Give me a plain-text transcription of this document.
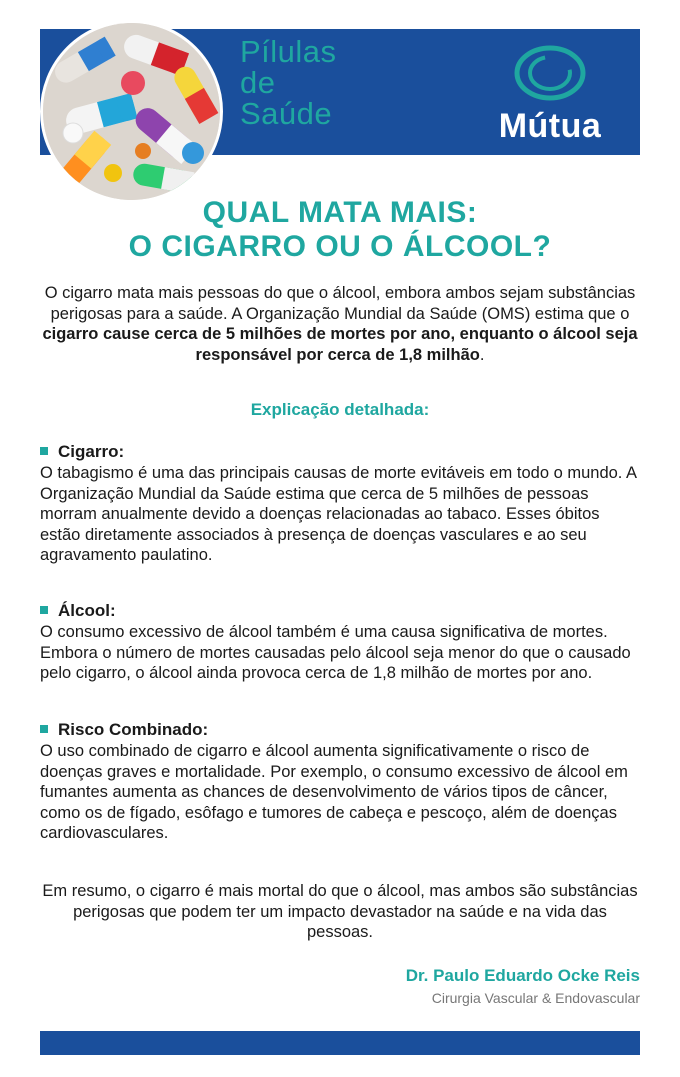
Pílulas
de
Saúde	Mútua
QUAL MATA MAIS:
O CIGARRO OU O ÁLCOOL?
O cigarro mata mais pessoas do que o álcool, embora ambos sejam substâncias perigosas para a saúde. A Organização Mundial da Saúde (OMS) estima que o cigarro cause cerca de 5 milhões de mortes por ano, enquanto o álcool seja responsável por cerca de 1,8 milhão.
Explicação detalhada:
Cigarro:
O tabagismo é uma das principais causas de morte evitáveis em todo o mundo. A Organização Mundial da Saúde estima que cerca de 5 milhões de pessoas morram anualmente devido a doenças relacionadas ao tabaco. Esses óbitos estão diretamente associados à presença de doenças vasculares e ao seu agravamento paulatino.
Álcool:
O consumo excessivo de álcool também é uma causa significativa de mortes. Embora o número de mortes causadas pelo álcool seja menor do que o causado pelo cigarro, o álcool ainda provoca cerca de 1,8 milhão de mortes por ano.
Risco Combinado:
O uso combinado de cigarro e álcool aumenta significativamente o risco de doenças graves e mortalidade. Por exemplo, o consumo excessivo de álcool em fumantes aumenta as chances de desenvolvimento de vários tipos de câncer, como os de fígado, esôfago e tumores de cabeça e pescoço, além de doenças cardiovasculares.
Em resumo, o cigarro é mais mortal do que o álcool, mas ambos são substâncias perigosas que podem ter um impacto devastador na saúde e na vida das pessoas.
Dr. Paulo Eduardo Ocke Reis
Cirurgia Vascular & Endovascular
